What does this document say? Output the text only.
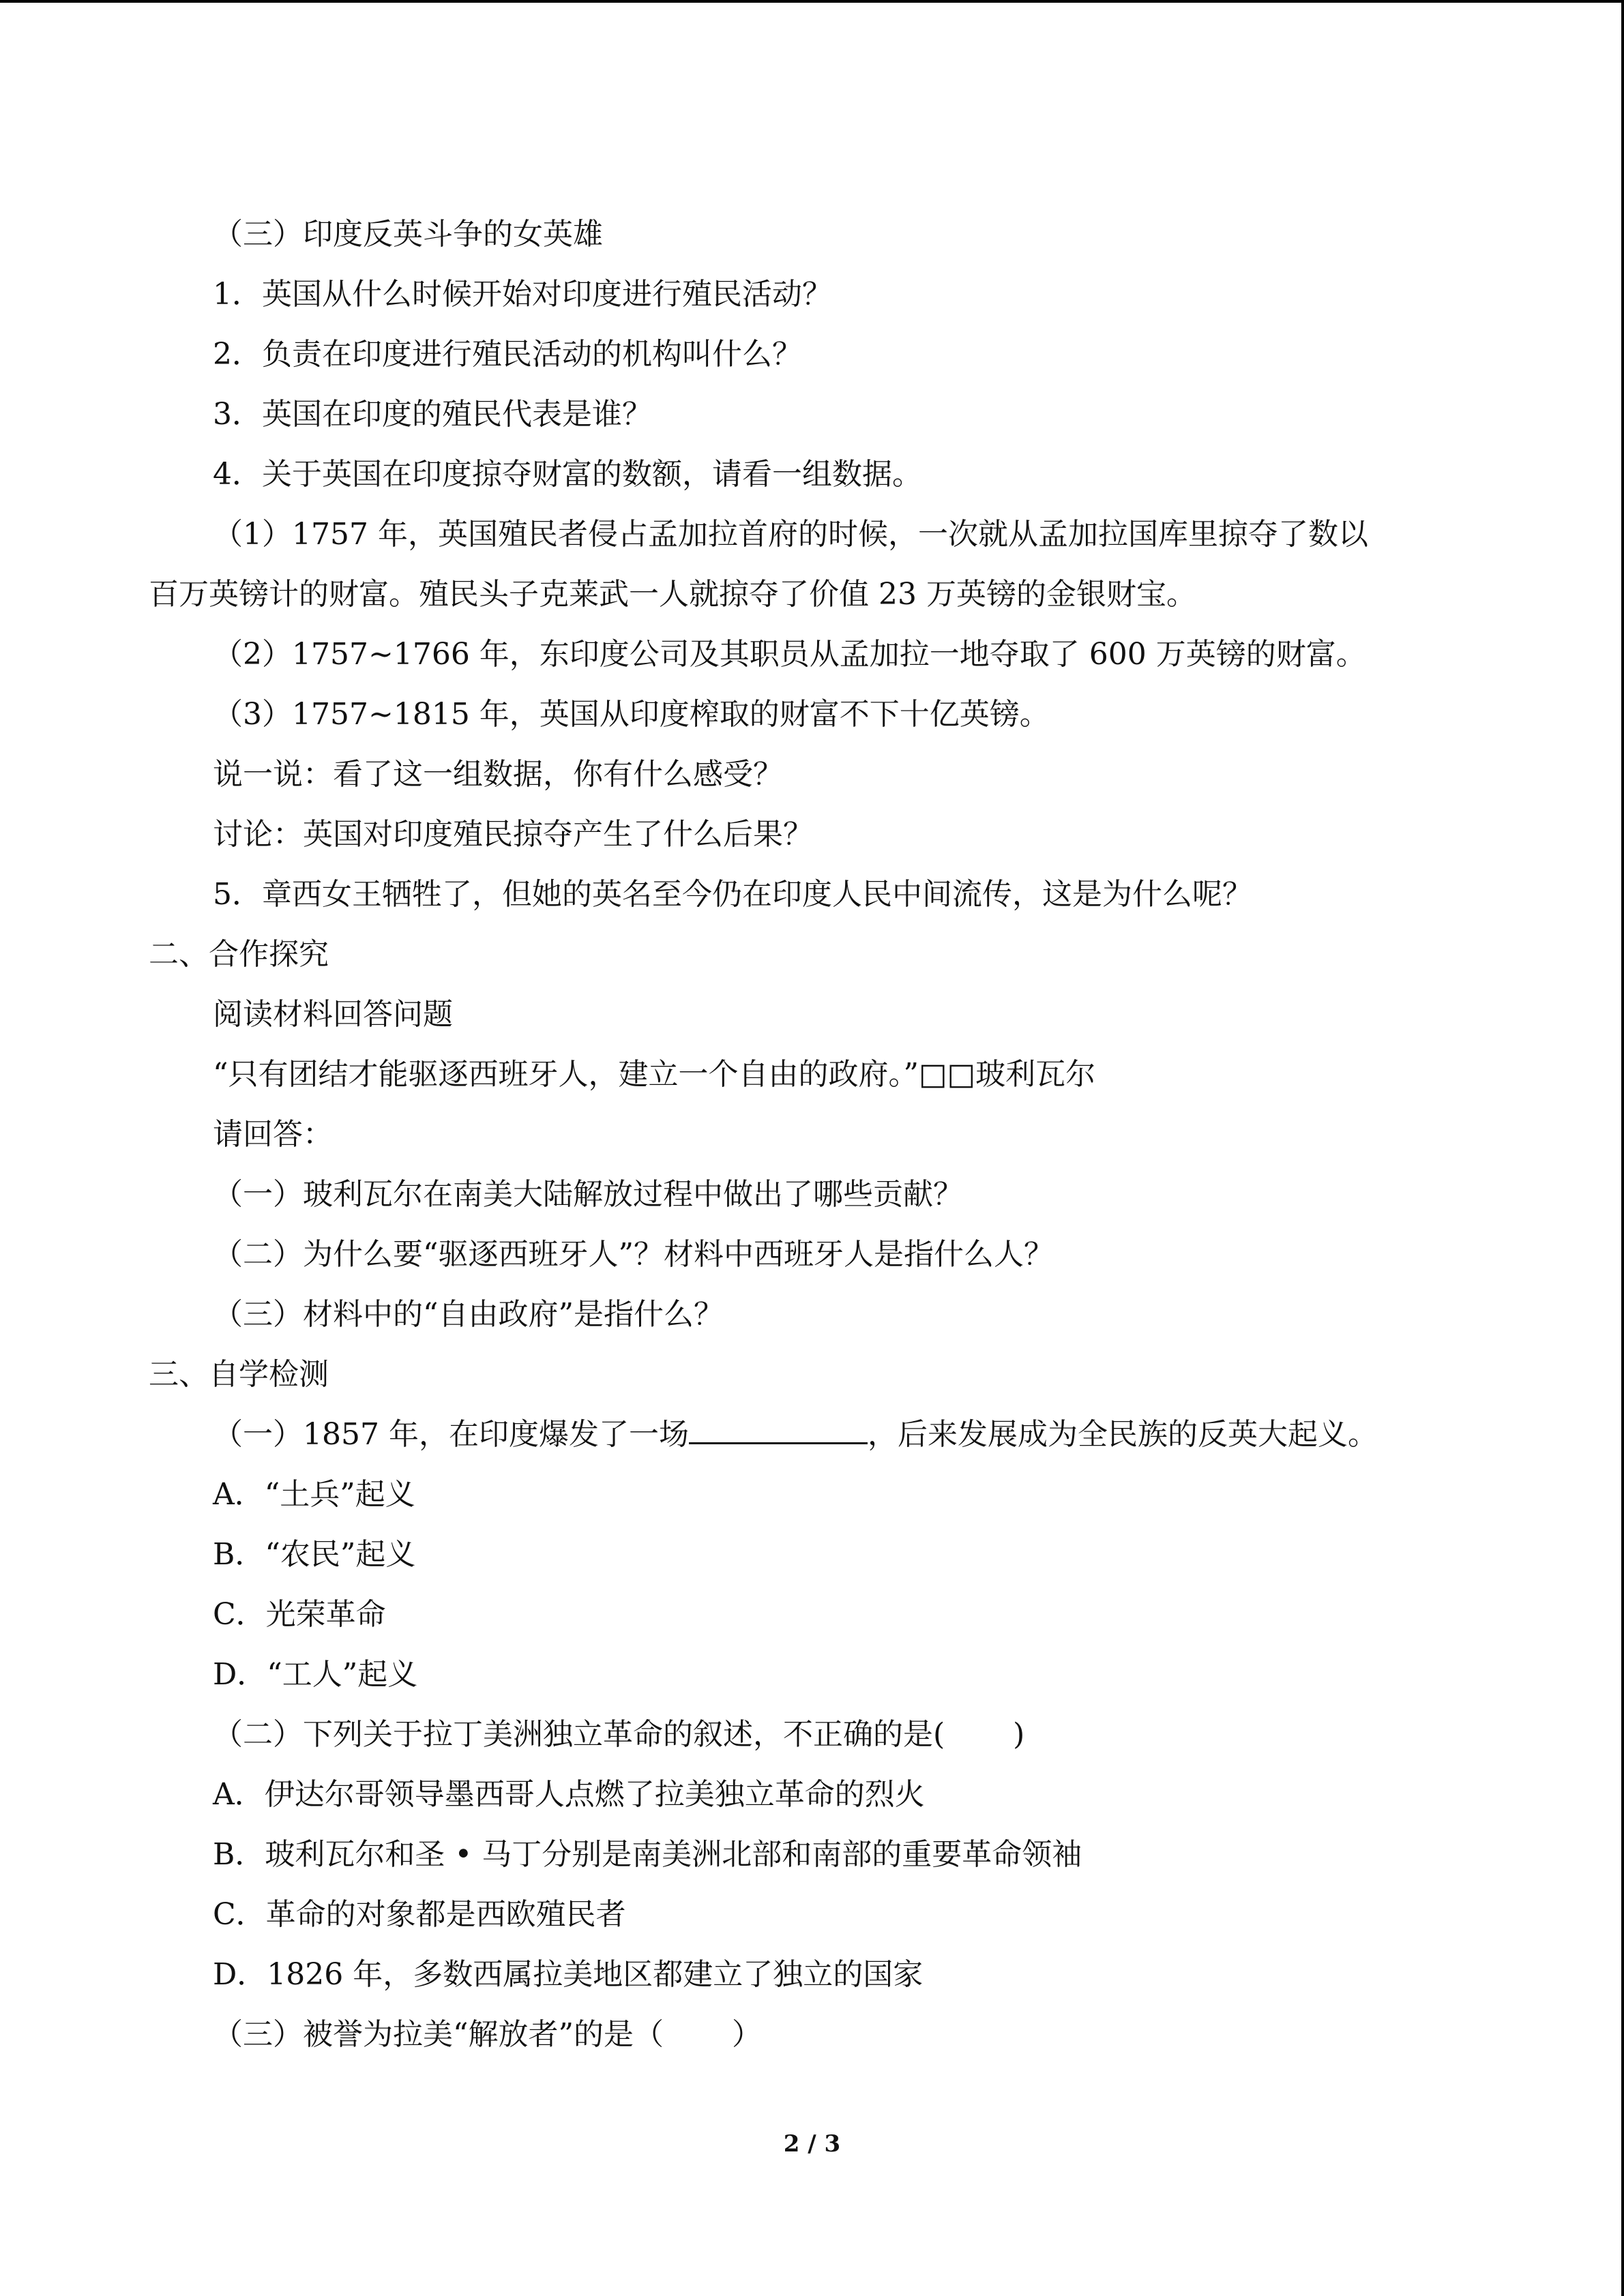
（三）印度反英斗争的女英雄

1．英国从什么时候开始对印度进行殖民活动？

2．负责在印度进行殖民活动的机构叫什么？

3．英国在印度的殖民代表是谁？

4．关于英国在印度掠夺财富的数额，请看一组数据。

（1）1757 年，英国殖民者侵占孟加拉首府的时候，一次就从孟加拉国库里掠夺了数以

百万英镑计的财富。殖民头子克莱武一人就掠夺了价值 23 万英镑的金银财宝。

（2）1757~1766 年，东印度公司及其职员从孟加拉一地夺取了 600 万英镑的财富。

（3）1757~1815 年，英国从印度榨取的财富不下十亿英镑。

说一说：看了这一组数据，你有什么感受？

讨论：英国对印度殖民掠夺产生了什么后果？

5．章西女王牺牲了，但她的英名至今仍在印度人民中间流传，这是为什么呢？

二、合作探究

阅读材料回答问题

“只有团结才能驱逐西班牙人，建立一个自由的政府。”□□玻利瓦尔

请回答：

（一）玻利瓦尔在南美大陆解放过程中做出了哪些贡献？

（二）为什么要“驱逐西班牙人”？材料中西班牙人是指什么人？

（三）材料中的“自由政府”是指什么？

三、自学检测

（一）1857 年，在印度爆发了一场	，后来发展成为全民族的反英大起义。

A．“土兵”起义

B．“农民”起义

C．光荣革命

D．“工人”起义

（二）下列关于拉丁美洲独立革命的叙述，不正确的是( )

A．伊达尔哥领导墨西哥人点燃了拉美独立革命的烈火

B．玻利瓦尔和圣 • 马丁分别是南美洲北部和南部的重要革命领袖

C．革命的对象都是西欧殖民者

D．1826 年，多数西属拉美地区都建立了独立的国家

（三）被誉为拉美“解放者”的是（ ）

2 / 3
